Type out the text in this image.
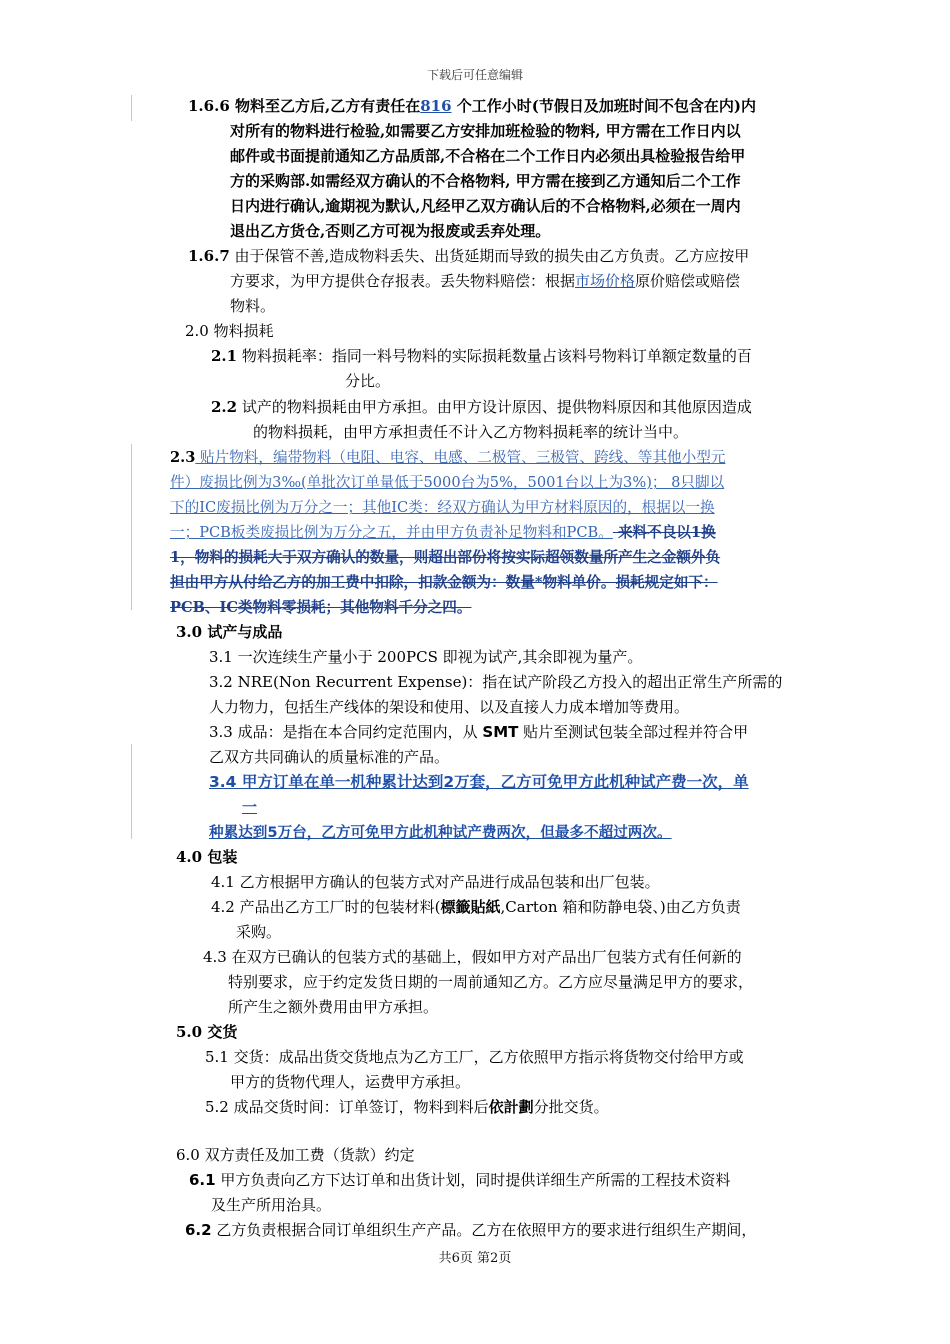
下载后可任意编辑
1.6.6 物料至乙方后,乙方有责任在816 个工作小时(节假日及加班时间不包含在内)内
对所有的物料进行检验,如需要乙方安排加班检验的物料, 甲方需在工作日内以
邮件或书面提前通知乙方品质部,不合格在二个工作日内必须出具检验报告给甲
方的采购部.如需经双方确认的不合格物料, 甲方需在接到乙方通知后二个工作
日内进行确认,逾期视为默认,凡经甲乙双方确认后的不合格物料,必须在一周内
退出乙方货仓,否则乙方可视为报废或丢弃处理。
1.6.7 由于保管不善,造成物料丢失、出货延期而导致的损失由乙方负责。乙方应按甲
方要求，为甲方提供仓存报表。丢失物料赔偿：根据市场价格原价赔偿或赔偿
物料。
2.0 物料损耗
2.1 物料损耗率：指同一料号物料的实际损耗数量占该料号物料订单额定数量的百
分比。
2.2 试产的物料损耗由甲方承担。由甲方设计原因、提供物料原因和其他原因造成
的物料损耗，由甲方承担责任不计入乙方物料损耗率的统计当中。
2.3 贴片物料，编带物料（电阻、电容、电感、二极管、三极管、跨线、等其他小型元
件）废损比例为3‰(单批次订单量低于5000台为5%，5001台以上为3%)； 8只脚以
下的IC废损比例为万分之一；其他IC类：经双方确认为甲方材料原因的，根据以一换
一；PCB板类废损比例为万分之五，并由甲方负责补足物料和PCB。 来料不良以1换
1，物料的损耗大于双方确认的数量，则超出部份将按实际超领数量所产生之金额外负
担由甲方从付给乙方的加工费中扣除，扣款金额为：数量*物料单价。损耗规定如下：
PCB、IC类物料零损耗；其他物料千分之四。
3.0 试产与成品
3.1 一次连续生产量小于 200PCS 即视为试产,其余即视为量产。
3.2 NRE(Non Recurrent Expense)：指在试产阶段乙方投入的超出正常生产所需的
人力物力，包括生产线体的架设和使用、以及直接人力成本增加等费用。
3.3 成品：是指在本合同约定范围内，从 SMT 贴片至测试包装全部过程并符合甲
乙双方共同确认的质量标准的产品。
3.4 甲方订单在单一机种累计达到2万套，乙方可免甲方此机种试产费一次，单
一
种累达到5万台，乙方可免甲方此机种试产费两次，但最多不超过两次。
4.0 包装
4.1 乙方根据甲方确认的包装方式对产品进行成品包装和出厂包装。
4.2 产品出乙方工厂时的包装材料(標籤貼紙,Carton 箱和防静电袋、)由乙方负责
采购。
4.3 在双方已确认的包装方式的基础上，假如甲方对产品出厂包装方式有任何新的
特别要求，应于约定发货日期的一周前通知乙方。乙方应尽量满足甲方的要求，
所产生之额外费用由甲方承担。
5.0 交货
5.1 交货：成品出货交货地点为乙方工厂，乙方依照甲方指示将货物交付给甲方或
甲方的货物代理人，运费甲方承担。
5.2 成品交货时间：订单签订，物料到料后依計劃分批交货。
6.0 双方责任及加工费（货款）约定
6.1 甲方负责向乙方下达订单和出货计划，同时提供详细生产所需的工程技术资料
及生产所用治具。
6.2 乙方负责根据合同订单组织生产产品。乙方在依照甲方的要求进行组织生产期间，
共6页 第2页
